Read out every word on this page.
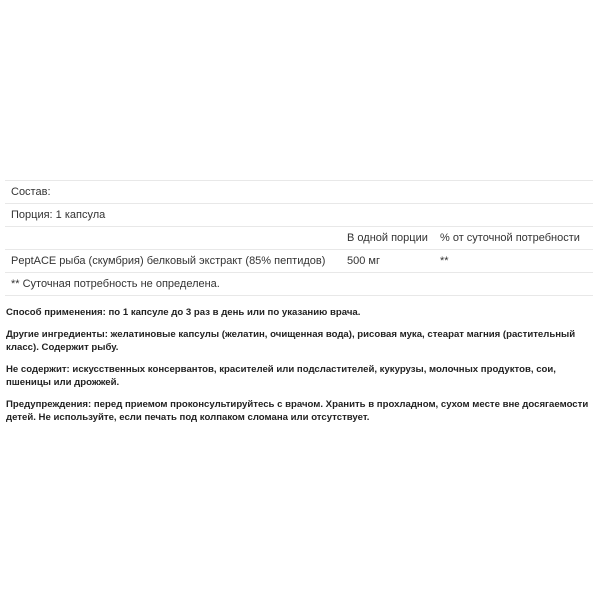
Состав:
Порция: 1 капсула
В одной порции % от суточной потребности
PeptACE рыба (скумбрия) белковый экстракт (85% пептидов) 500 мг	**
** Суточная потребность не определена.

Способ применения: по 1 капсуле до 3 раз в день или по указанию врача.

Другие ингредиенты: желатиновые капсулы (желатин, очищенная вода), рисовая мука, стеарат магния (растительный класс). Содержит рыбу.

Не содержит: искусственных консервантов, красителей или подсластителей, кукурузы, молочных продуктов, сои, пшеницы или дрожжей.

Предупреждения: перед приемом проконсультируйтесь с врачом. Хранить в прохладном, сухом месте вне досягаемости детей. Не используйте, если печать под колпаком сломана или отсутствует.
